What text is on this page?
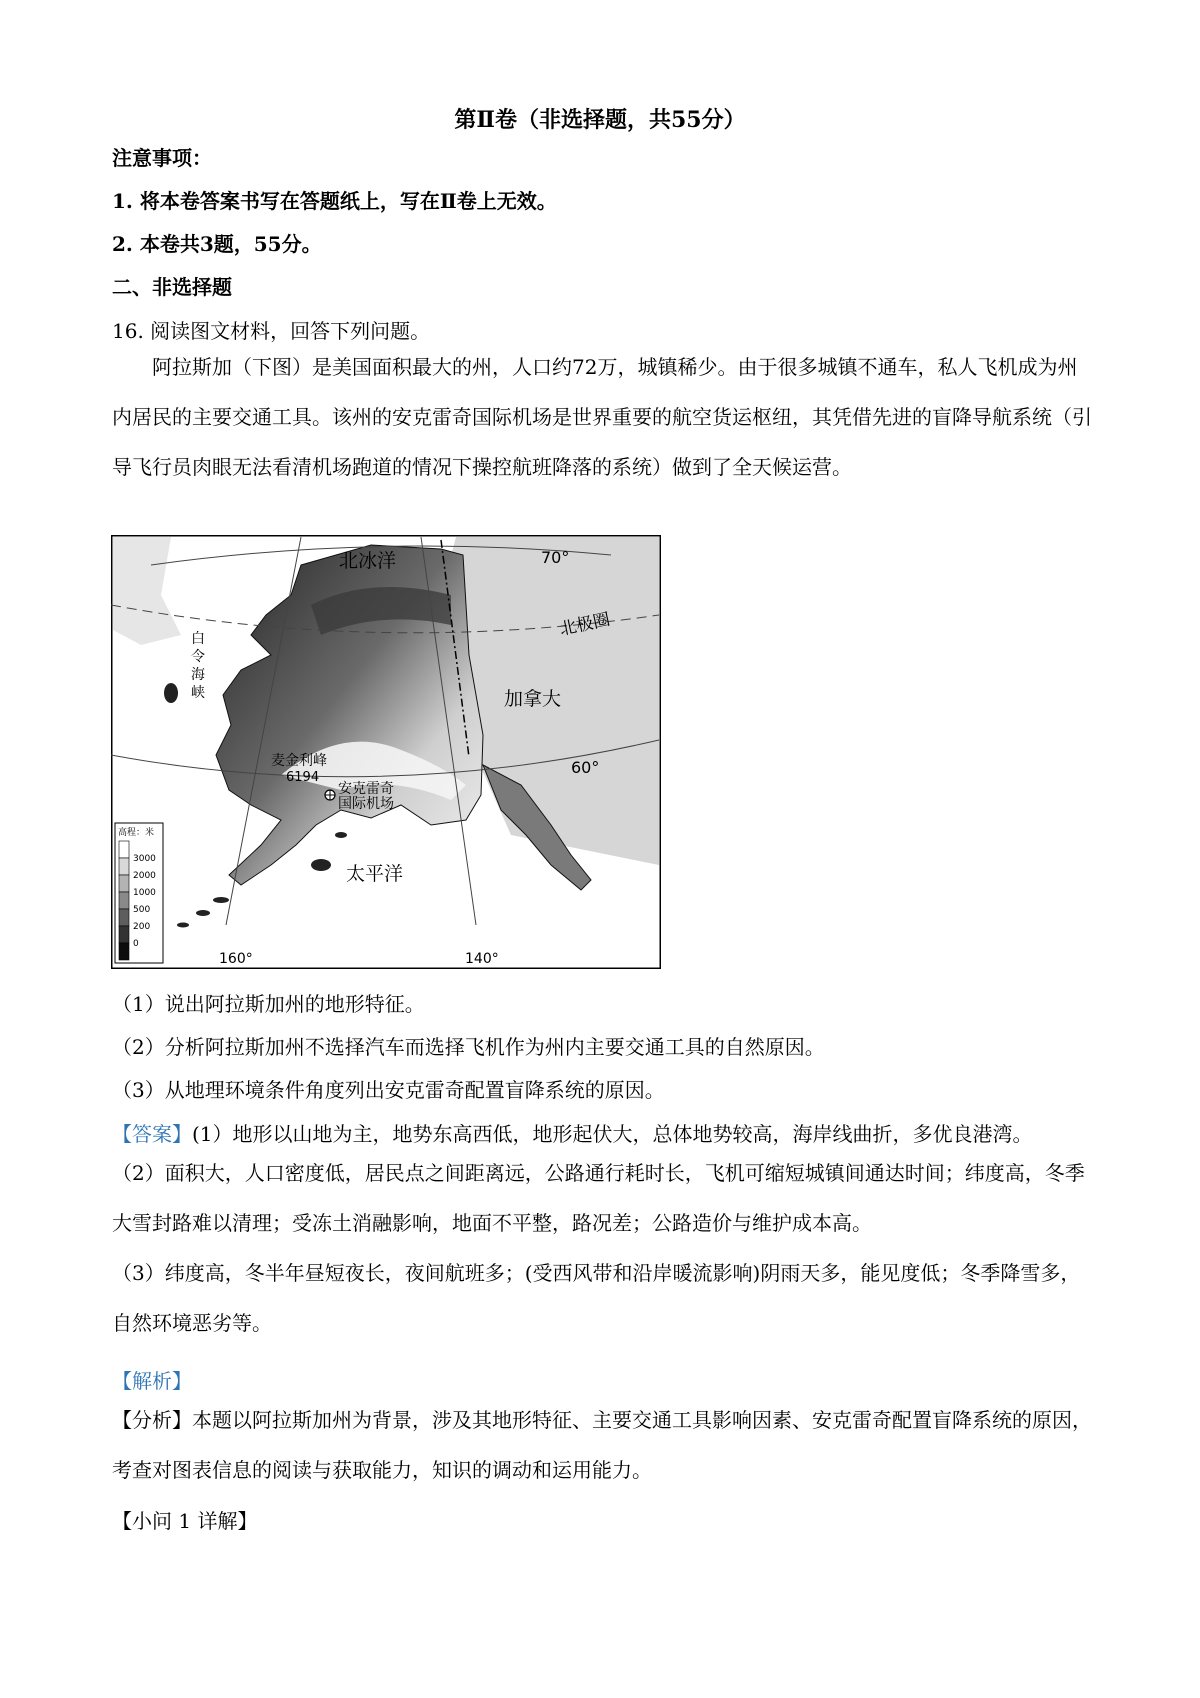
第Ⅱ卷（非选择题，共55分）
注意事项：
1. 将本卷答案书写在答题纸上，写在Ⅱ卷上无效。
2. 本卷共3题，55分。
二、非选择题
16. 阅读图文材料，回答下列问题。
阿拉斯加（下图）是美国面积最大的州，人口约72万，城镇稀少。由于很多城镇不通车，私人飞机成为州内居民的主要交通工具。该州的安克雷奇国际机场是世界重要的航空货运枢纽，其凭借先进的盲降导航系统（引导飞行员肉眼无法看清机场跑道的情况下操控航班降落的系统）做到了全天候运营。
北冰洋	70°
北极圈
加拿大
60°
太平洋
白
令
海
峡
麦金利峰
6194
安克雷奇
国际机场
160°	140°
高程：米
3000
2000
1000
500
200
0
（1）说出阿拉斯加州的地形特征。
（2）分析阿拉斯加州不选择汽车而选择飞机作为州内主要交通工具的自然原因。
（3）从地理环境条件角度列出安克雷奇配置盲降系统的原因。
【答案】(1）地形以山地为主，地势东高西低，地形起伏大，总体地势较高，海岸线曲折，多优良港湾。
（2）面积大，人口密度低，居民点之间距离远，公路通行耗时长，飞机可缩短城镇间通达时间；纬度高，冬季大雪封路难以清理；受冻土消融影响，地面不平整，路况差；公路造价与维护成本高。
（3）纬度高，冬半年昼短夜长，夜间航班多；(受西风带和沿岸暖流影响)阴雨天多，能见度低；冬季降雪多，自然环境恶劣等。
【解析】
【分析】本题以阿拉斯加州为背景，涉及其地形特征、主要交通工具影响因素、安克雷奇配置盲降系统的原因，考查对图表信息的阅读与获取能力，知识的调动和运用能力。
【小问 1 详解】
